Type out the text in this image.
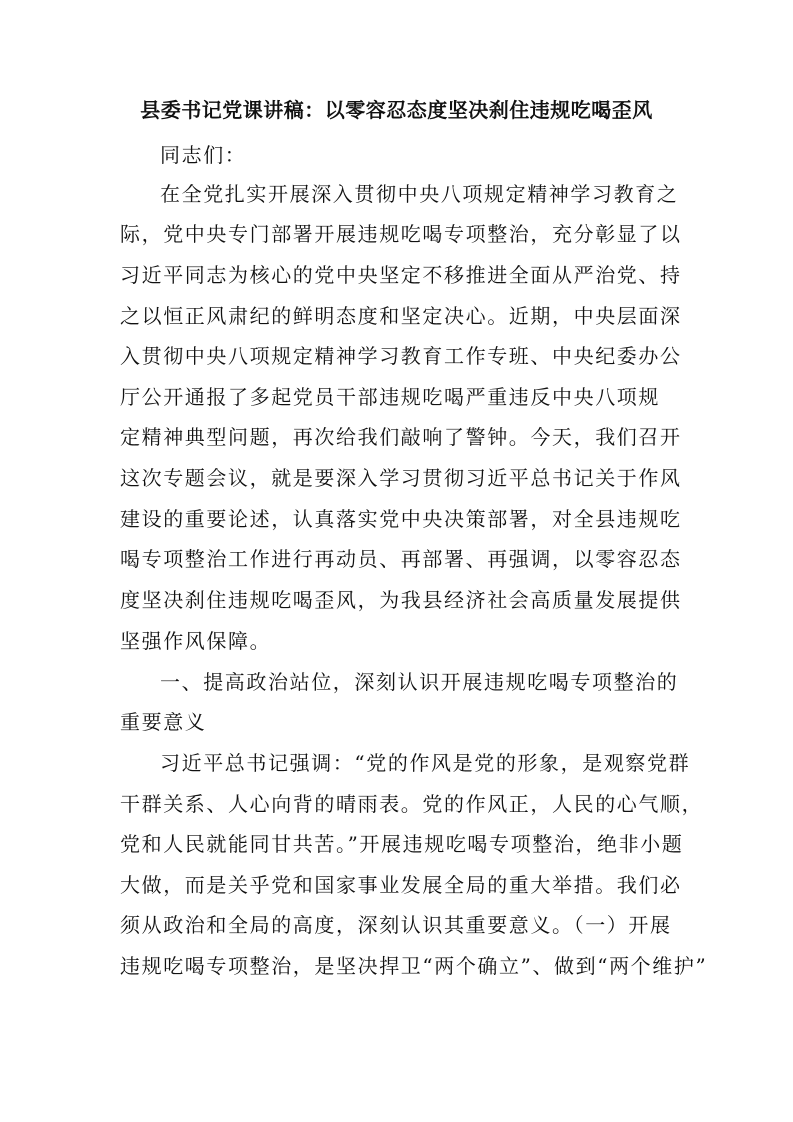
县委书记党课讲稿：以零容忍态度坚决刹住违规吃喝歪风
同志们：
在全党扎实开展深入贯彻中央八项规定精神学习教育之
际，党中央专门部署开展违规吃喝专项整治，充分彰显了以
习近平同志为核心的党中央坚定不移推进全面从严治党、持
之以恒正风肃纪的鲜明态度和坚定决心。近期，中央层面深
入贯彻中央八项规定精神学习教育工作专班、中央纪委办公
厅公开通报了多起党员干部违规吃喝严重违反中央八项规
定精神典型问题，再次给我们敲响了警钟。今天，我们召开
这次专题会议，就是要深入学习贯彻习近平总书记关于作风
建设的重要论述，认真落实党中央决策部署，对全县违规吃
喝专项整治工作进行再动员、再部署、再强调，以零容忍态
度坚决刹住违规吃喝歪风，为我县经济社会高质量发展提供
坚强作风保障。
一、提高政治站位，深刻认识开展违规吃喝专项整治的
重要意义
习近平总书记强调：“党的作风是党的形象，是观察党群
干群关系、人心向背的晴雨表。党的作风正，人民的心气顺，
党和人民就能同甘共苦。”开展违规吃喝专项整治，绝非小题
大做，而是关乎党和国家事业发展全局的重大举措。我们必
须从政治和全局的高度，深刻认识其重要意义。（一）开展
违规吃喝专项整治，是坚决捍卫“两个确立”、做到“两个维护”
